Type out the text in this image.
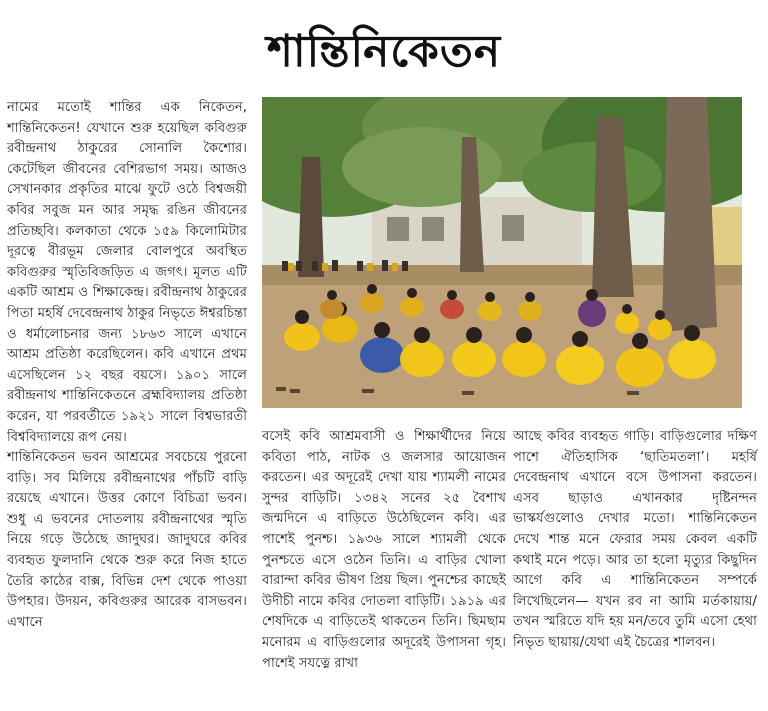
শান্তিনিকেতন

নামের মতোই শান্তির এক নিকেতন, শান্তিনিকেতন! যেখানে শুরু হয়েছিল কবিগুরু রবীন্দ্রনাথ ঠাকুরের সোনালি কৈশোর। কেটেছিল জীবনের বেশিরভাগ সময়। আজও সেখানকার প্রকৃতির মাঝে ফুটে ওঠে বিশ্বজয়ী কবির সবুজ মন আর সমৃদ্ধ রঙিন জীবনের প্রতিচ্ছবি। কলকাতা থেকে ১৫৯ কিলোমিটার দূরত্বে বীরভূম জেলার বোলপুরে অবস্থিত কবিগুরুর স্মৃতিবিজড়িত এ জগৎ। মূলত এটি একটি আশ্রম ও শিক্ষাকেন্দ্র। রবীন্দ্রনাথ ঠাকুরের পিতা মহর্ষি দেবেন্দ্রনাথ ঠাকুর নিভৃতে ঈশ্বরচিন্তা ও ধর্মালোচনার জন্য ১৮৬৩ সালে এখানে আশ্রম প্রতিষ্ঠা করেছিলেন। কবি এখানে প্রথম এসেছিলেন ১২ বছর বয়সে। ১৯০১ সালে রবীন্দ্রনাথ শান্তিনিকেতনে ব্রহ্মবিদ্যালয় প্রতিষ্ঠা করেন, যা পরবর্তীতে ১৯২১ সালে বিশ্বভারতী বিশ্ববিদ্যালয়ে রূপ নেয়।

শান্তিনিকেতন ভবন আশ্রমের সবচেয়ে পুরনো বাড়ি। সব মিলিয়ে রবীন্দ্রনাথের পাঁচটি বাড়ি রয়েছে এখানে। উত্তর কোণে বিচিত্রা ভবন। শুধু এ ভবনের দোতলায় রবীন্দ্রনাথের স্মৃতি নিয়ে গড়ে উঠেছে জাদুঘর। জাদুঘরে কবির ব্যবহৃত ফুলদানি থেকে শুরু করে নিজ হাতে তৈরি কাঠের বাক্স, বিভিন্ন দেশ থেকে পাওয়া উপহার। উদয়ন, কবিগুরুর আরেক বাসভবন। এখানে

বসেই কবি আশ্রমবাসী ও শিক্ষার্থীদের নিয়ে কবিতা পাঠ, নাটক ও জলসার আয়োজন করতেন। এর অদূরেই দেখা যায় শ্যামলী নামের সুন্দর বাড়িটি। ১৩৪২ সনের ২৫ বৈশাখ জন্মদিনে এ বাড়িতে উঠেছিলেন কবি। এর পাশেই পুনশ্চ। ১৯৩৬ সালে শ্যামলী থেকে পুনশ্চতে এসে ওঠেন তিনি। এ বাড়ির খোলা বারান্দা কবির ভীষণ প্রিয় ছিল। পুনশ্চের কাছেই উদীচী নামে কবির দোতলা বাড়িটি। ১৯১৯ এর শেষদিকে এ বাড়িতেই থাকতেন তিনি। ছিমছাম মনোরম এ বাড়িগুলোর অদূরেই উপাসনা গৃহ। পাশেই সযত্নে রাখা

আছে কবির ব্যবহৃত গাড়ি। বাড়িগুলোর দক্ষিণ পাশে ঐতিহাসিক ‘ছাতিমতলা’। মহর্ষি দেবেন্দ্রনাথ এখানে বসে উপাসনা করতেন। এসব ছাড়াও এখানকার দৃষ্টিনন্দন ভাস্কর্যগুলোও দেখার মতো। শান্তিনিকেতন দেখে শান্ত মনে ফেরার সময় কেবল একটি কথাই মনে পড়ে। আর তা হলো মৃত্যুর কিছুদিন আগে কবি এ শান্তিনিকেতন সম্পর্কে লিখেছিলেন— যখন রব না আমি মর্তকায়ায়/তখন স্মরিতে যদি হয় মন/তবে তুমি এসো হেথা নিভৃত ছায়ায়/যেথা এই চৈত্রের শালবন।
